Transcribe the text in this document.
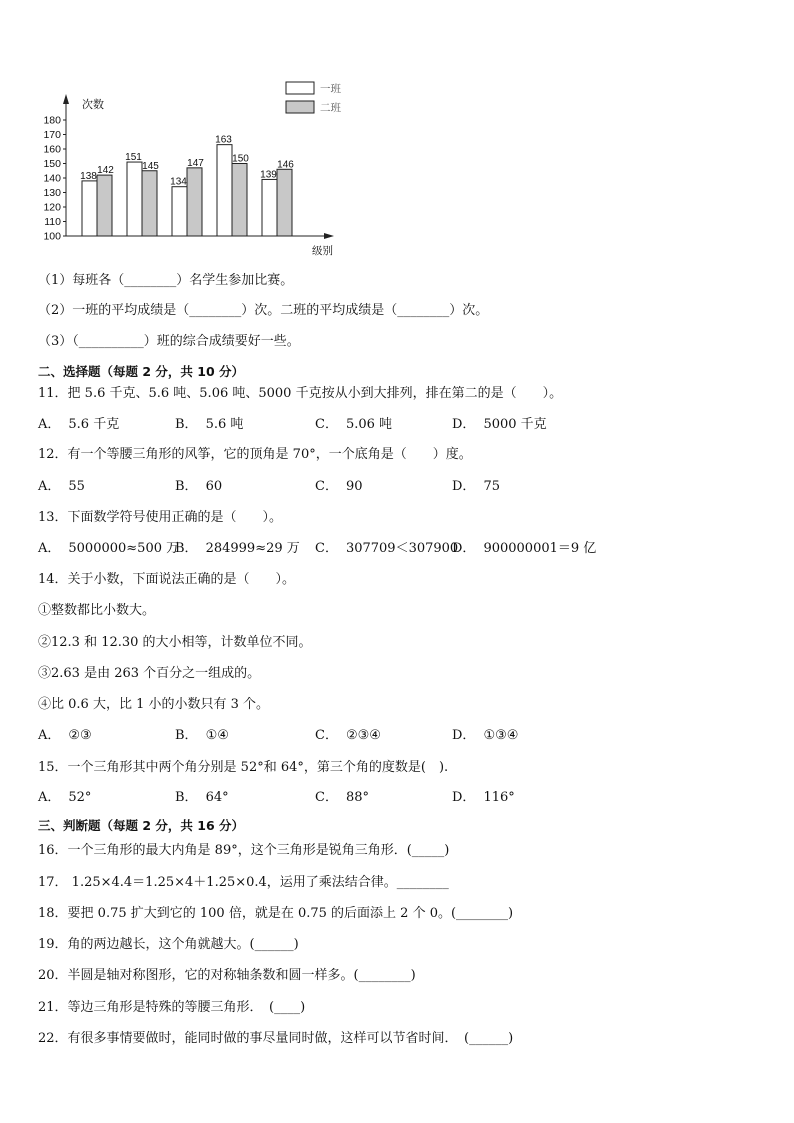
100
110
120
130
140
150
160
170
180
次数
级别
一班
二班
138
142
151
145
134
147
163
150
139
146
（1）每班各（________）名学生参加比赛。
（2）一班的平均成绩是（________）次。二班的平均成绩是（________）次。
（3）（__________）班的综合成绩要好一些。
二、选择题（每题 2 分，共 10 分）
11．把 5.6 千克、5.6 吨、5.06 吨、5000 千克按从小到大排列，排在第二的是（　　）。
A． 5.6 千克	B． 5.6 吨	C． 5.06 吨	D． 5000 千克
12．有一个等腰三角形的风筝，它的顶角是 70°，一个底角是（　　）度。
A． 55	B． 60	C． 90	D． 75
13．下面数学符号使用正确的是（　　）。
A． 5000000≈500 万
B． 284999≈29 万 C． 307709＜307900
D． 900000001＝9 亿
14．关于小数，下面说法正确的是（　　）。
①整数都比小数大。
②12.3 和 12.30 的大小相等，计数单位不同。
③2.63 是由 263 个百分之一组成的。
④比 0.6 大，比 1 小的小数只有 3 个。
A． ②③	B． ①④	C． ②③④	D． ①③④
15．一个三角形其中两个角分别是 52°和 64°，第三个角的度数是(　).
A． 52°	B． 64°	C． 88°	D． 116°
三、判断题（每题 2 分，共 16 分）
16．一个三角形的最大内角是 89°，这个三角形是锐角三角形．(_____)
17． 1.25×4.4＝1.25×4＋1.25×0.4，运用了乘法结合律。________
18．要把 0.75 扩大到它的 100 倍，就是在 0.75 的后面添上 2 个 0。(________)
19．角的两边越长，这个角就越大。(______)
20．半圆是轴对称图形，它的对称轴条数和圆一样多。(________)
21．等边三角形是特殊的等腰三角形．　(____)
22．有很多事情要做时，能同时做的事尽量同时做，这样可以节省时间．　(______)
